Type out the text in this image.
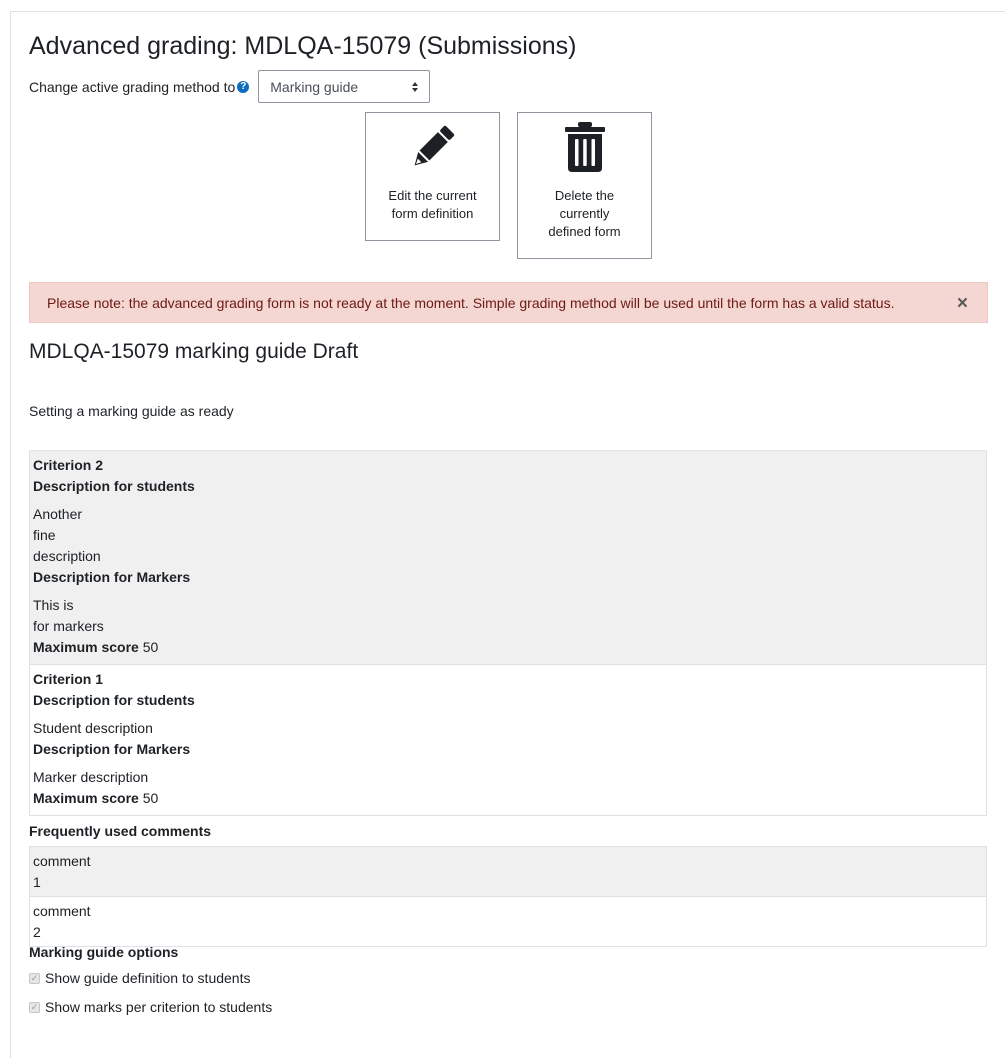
Advanced grading: MDLQA-15079 (Submissions)
Change active grading method to ? Marking guide
Edit the current
form definition
Delete the
currently
defined form
Please note: the advanced grading form is not ready at the moment. Simple grading method will be used until the form has a valid status.	×
MDLQA-15079 marking guide Draft
Setting a marking guide as ready
Criterion 2
Description for students
Another
fine
description
Description for Markers
This is
for markers
Maximum score 50
Criterion 1
Description for students
Student description
Description for Markers
Marker description
Maximum score 50
Frequently used comments
comment
1
comment
2
Marking guide options
✓ Show guide definition to students
✓ Show marks per criterion to students
